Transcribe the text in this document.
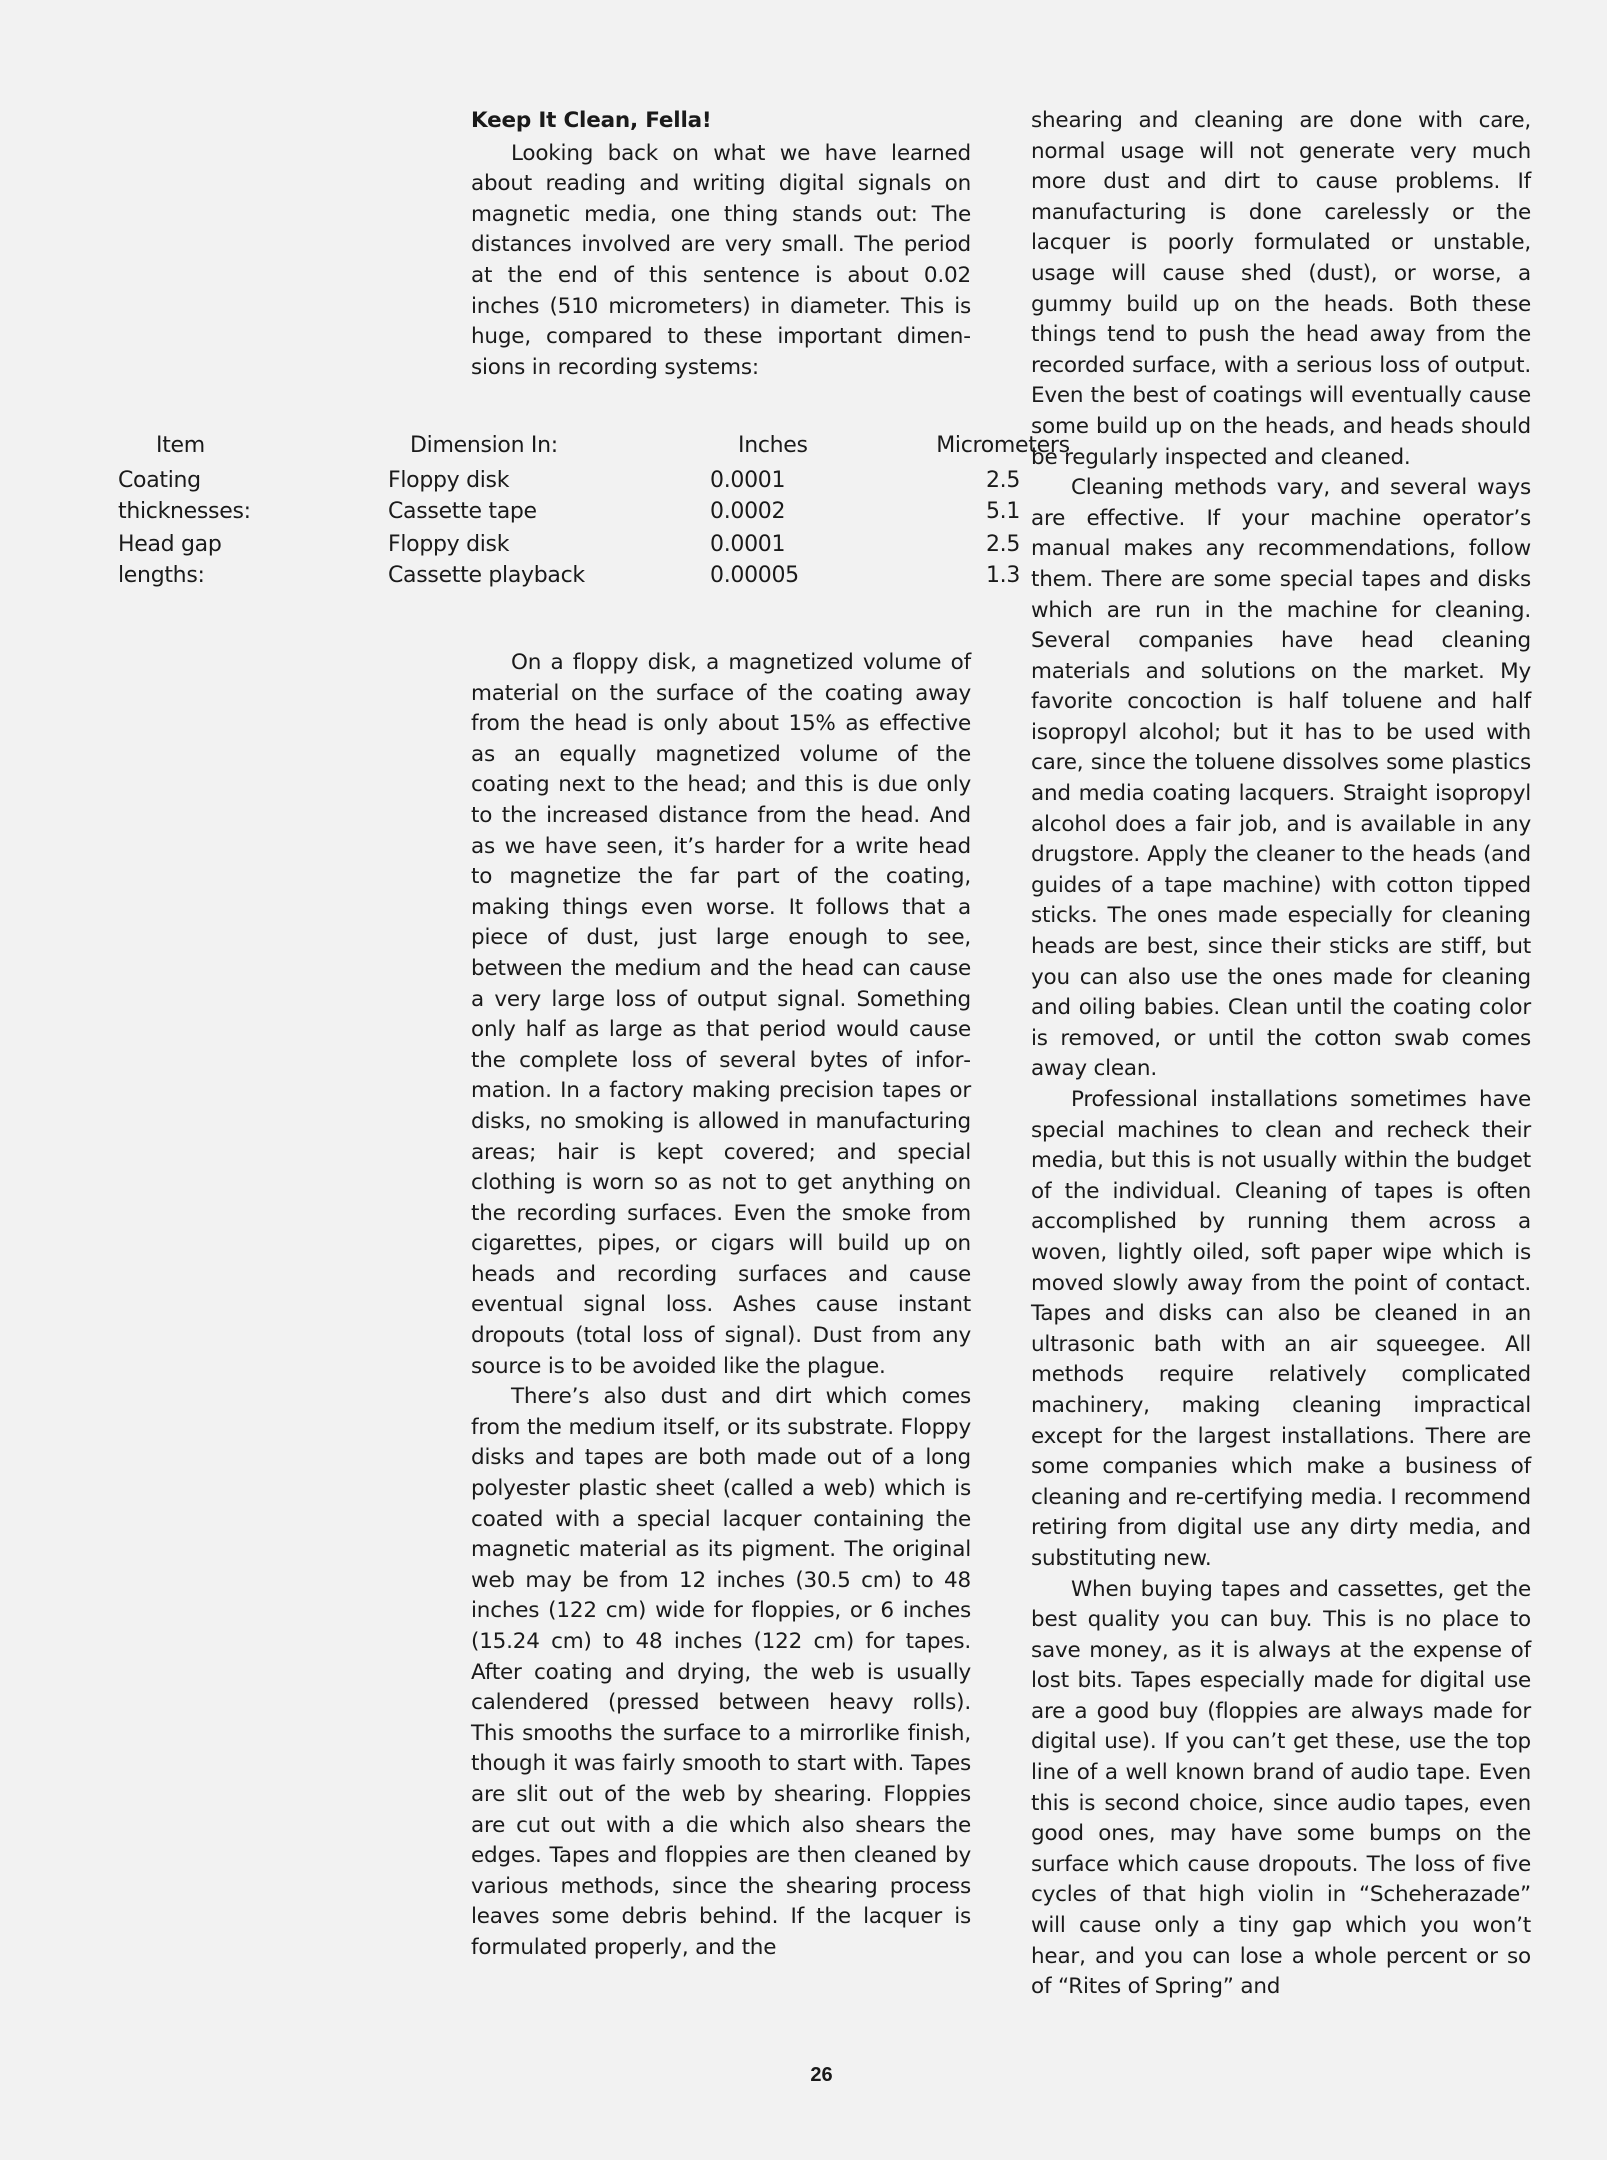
Keep It Clean, Fella!

Looking back on what we have learned about reading and writing digital signals on magnetic media, one thing stands out: The distances involved are very small. The period at the end of this sentence is about 0.02 inches (510 micrometers) in diameter. This is huge, compared to these important dimensions in recording systems:

Item	Dimension In:	Inches	Micrometers
Coating	Floppy disk	0.0001	2.5
thicknesses:	Cassette tape	0.0002	5.1
Head gap	Floppy disk	0.0001	2.5
lengths:	Cassette playback	0.00005	1.3

On a floppy disk, a magnetized volume of material on the surface of the coating away from the head is only about 15% as effective as an equally magnetized volume of the coating next to the head; and this is due only to the increased distance from the head. And as we have seen, it’s harder for a write head to magnetize the far part of the coating, making things even worse. It follows that a piece of dust, just large enough to see, between the medium and the head can cause a very large loss of output signal. Something only half as large as that period would cause the complete loss of several bytes of information. In a factory making precision tapes or disks, no smoking is allowed in manufacturing areas; hair is kept covered; and special clothing is worn so as not to get anything on the recording surfaces. Even the smoke from cigarettes, pipes, or cigars will build up on heads and recording surfaces and cause eventual signal loss. Ashes cause instant dropouts (total loss of signal). Dust from any source is to be avoided like the plague.

There’s also dust and dirt which comes from the medium itself, or its substrate. Floppy disks and tapes are both made out of a long polyester plastic sheet (called a web) which is coated with a special lacquer containing the magnetic material as its pigment. The original web may be from 12 inches (30.5 cm) to 48 inches (122 cm) wide for floppies, or 6 inches (15.24 cm) to 48 inches (122 cm) for tapes. After coating and drying, the web is usually calendered (pressed between heavy rolls). This smooths the surface to a mirrorlike finish, though it was fairly smooth to start with. Tapes are slit out of the web by shearing. Floppies are cut out with a die which also shears the edges. Tapes and floppies are then cleaned by various methods, since the shearing process leaves some debris behind. If the lacquer is formulated properly, and the

shearing and cleaning are done with care, normal usage will not generate very much more dust and dirt to cause problems. If manufacturing is done carelessly or the lacquer is poorly formulated or unstable, usage will cause shed (dust), or worse, a gummy build up on the heads. Both these things tend to push the head away from the recorded surface, with a serious loss of output. Even the best of coatings will eventually cause some build up on the heads, and heads should be regularly inspected and cleaned.

Cleaning methods vary, and several ways are effective. If your machine operator’s manual makes any recommendations, follow them. There are some special tapes and disks which are run in the machine for cleaning. Several companies have head cleaning materials and solutions on the market. My favorite concoction is half toluene and half isopropyl alcohol; but it has to be used with care, since the toluene dissolves some plastics and media coating lacquers. Straight isopropyl alcohol does a fair job, and is available in any drugstore. Apply the cleaner to the heads (and guides of a tape machine) with cotton tipped sticks. The ones made especially for cleaning heads are best, since their sticks are stiff, but you can also use the ones made for cleaning and oiling babies. Clean until the coating color is removed, or until the cotton swab comes away clean.

Professional installations sometimes have special machines to clean and recheck their media, but this is not usually within the budget of the individual. Cleaning of tapes is often accomplished by running them across a woven, lightly oiled, soft paper wipe which is moved slowly away from the point of contact. Tapes and disks can also be cleaned in an ultrasonic bath with an air squeegee. All methods require relatively complicated machinery, making cleaning impractical except for the largest installations. There are some companies which make a business of cleaning and re-certifying media. I recommend retiring from digital use any dirty media, and substituting new.

When buying tapes and cassettes, get the best quality you can buy. This is no place to save money, as it is always at the expense of lost bits. Tapes especially made for digital use are a good buy (floppies are always made for digital use). If you can’t get these, use the top line of a well known brand of audio tape. Even this is second choice, since audio tapes, even good ones, may have some bumps on the surface which cause dropouts. The loss of five cycles of that high violin in “Scheherazade” will cause only a tiny gap which you won’t hear, and you can lose a whole percent or so of “Rites of Spring” and

26
